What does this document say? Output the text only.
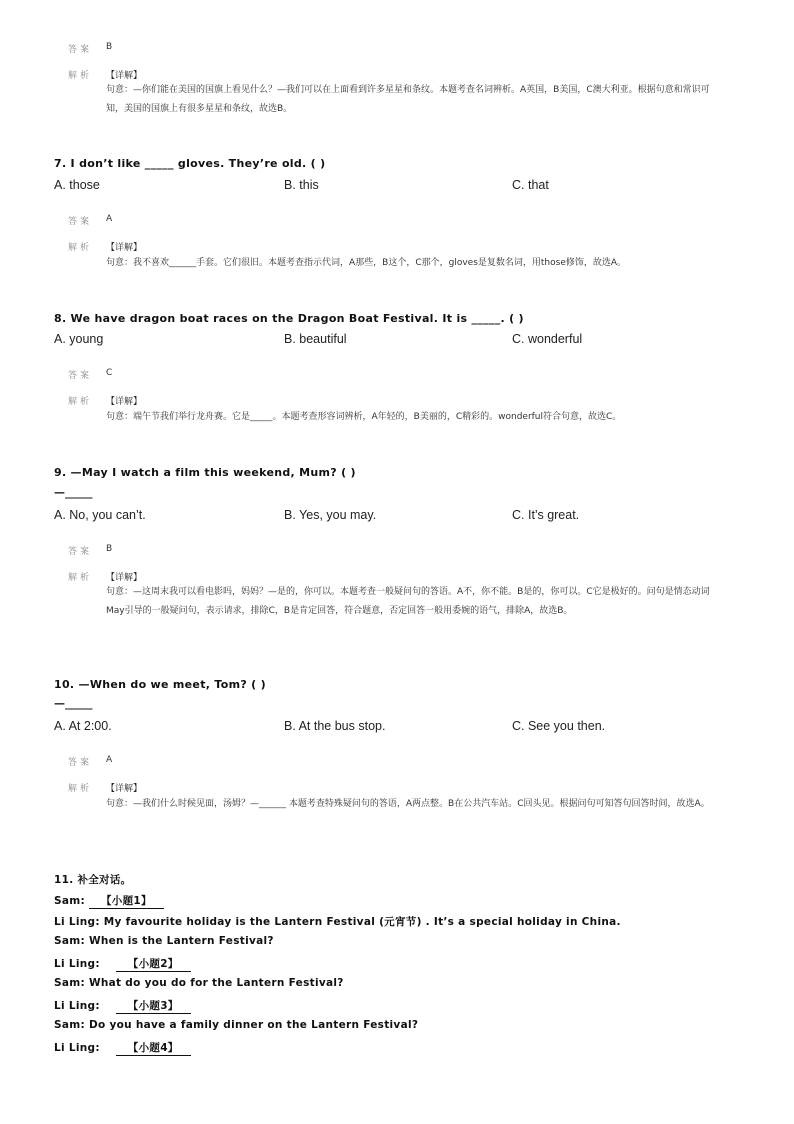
答案 B
解析 【详解】
句意：—你们能在美国的国旗上看见什么？—我们可以在上面看到许多星星和条纹。本题考查名词辨析。A英国，B美国，C澳大利亚。根据句意和常识可知，美国的国旗上有很多星星和条纹，故选B。
7. I don’t like _____ gloves. They’re old. ( )
A. those	B. this	C. that
答案 A
解析 【详解】
句意：我不喜欢______手套。它们很旧。本题考查指示代词，A那些，B这个，C那个，gloves是复数名词，用those修饰，故选A。
8. We have dragon boat races on the Dragon Boat Festival. It is _____. ( )
A. young	B. beautiful	C. wonderful
答案 C
解析 【详解】
句意：端午节我们举行龙舟赛。它是_____。本题考查形容词辨析，A年轻的，B美丽的，C精彩的。wonderful符合句意，故选C。
9. —May I watch a film this weekend, Mum? ( )
—_____
A. No, you can’t.	B. Yes, you may.	C. It’s great.
答案 B
解析 【详解】
句意：—这周末我可以看电影吗，妈妈？—是的，你可以。本题考查一般疑问句的答语。A不，你不能。B是的，你可以。C它是极好的。问句是情态动词May引导的一般疑问句，表示请求，排除C，B是肯定回答，符合题意，否定回答一般用委婉的语气，排除A，故选B。
10. —When do we meet, Tom? ( )
—_____
A. At 2:00.	B. At the bus stop.	C. See you then.
答案 A
解析 【详解】
句意：—我们什么时候见面，汤姆？—______ 本题考查特殊疑问句的答语，A两点整。B在公共汽车站。C回头见。根据问句可知答句回答时间，故选A。
11. 补全对话。
Sam: 【小题1】
Li Ling: My favourite holiday is the Lantern Festival (元宵节) . It’s a special holiday in China.
Sam: When is the Lantern Festival?
Li Ling:	【小题2】
Sam: What do you do for the Lantern Festival?
Li Ling:	【小题3】
Sam: Do you have a family dinner on the Lantern Festival?
Li Ling:	【小题4】
